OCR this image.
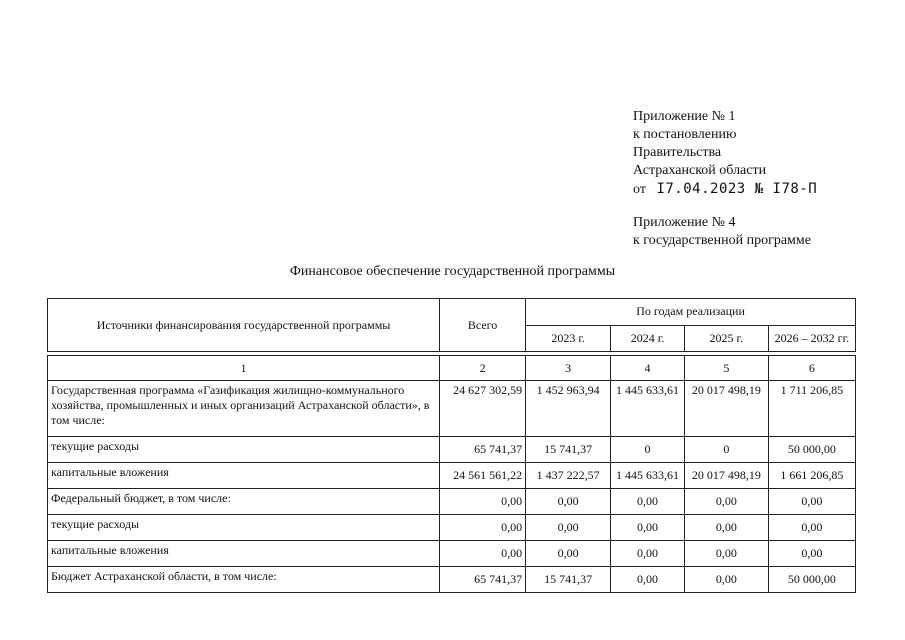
Приложение № 1
к постановлению
Правительства
Астраханской области
от I7.04.2023 № I78-П
Приложение № 4
к государственной программе
Финансовое обеспечение государственной программы
Источники финансирования государственной программы	Всего	По годам реализации			
		2023 г.	2024 г.	2025 г.	2026 – 2032 гг.
1	2	3	4	5	6
Государственная программа «Газификация жилищно-коммунального хозяйства, промышленных и иных организаций Астраханской области», в том числе:	24 627 302,59	1 452 963,94	1 445 633,61	20 017 498,19	1 711 206,85
текущие расходы	65 741,37	15 741,37	0	0	50 000,00
капитальные вложения	24 561 561,22	1 437 222,57	1 445 633,61	20 017 498,19	1 661 206,85
Федеральный бюджет, в том числе:	0,00	0,00	0,00	0,00	0,00
текущие расходы	0,00	0,00	0,00	0,00	0,00
капитальные вложения	0,00	0,00	0,00	0,00	0,00
Бюджет Астраханской области, в том числе:	65 741,37	15 741,37	0,00	0,00	50 000,00
